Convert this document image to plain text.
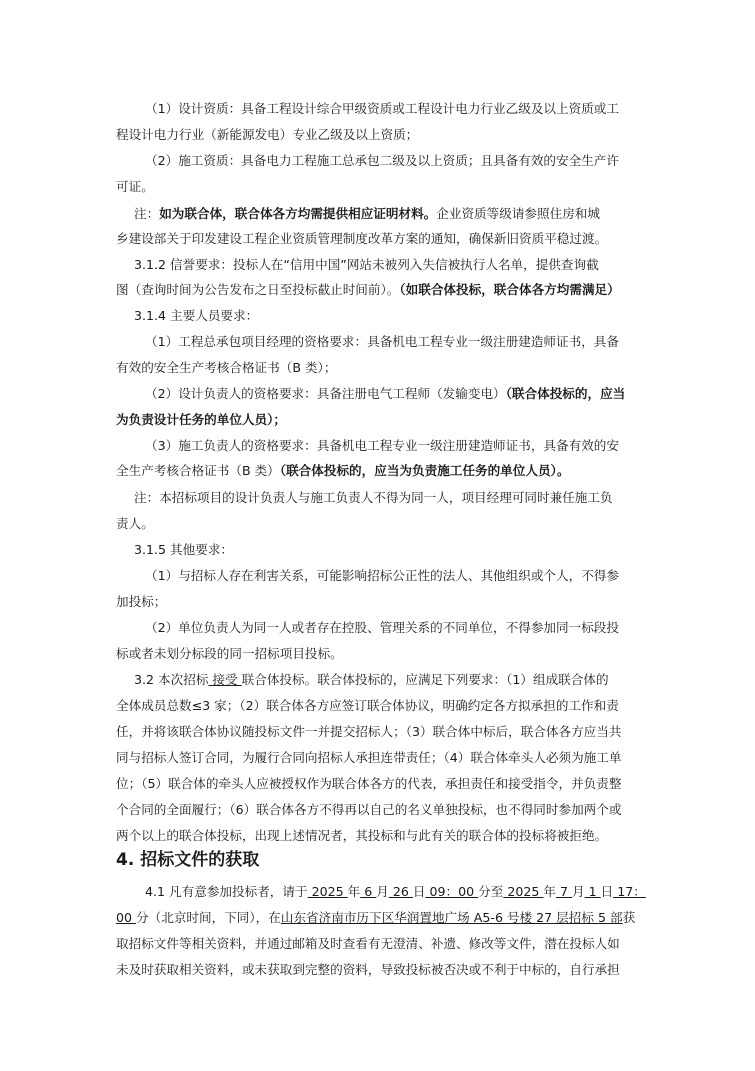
（1）设计资质：具备工程设计综合甲级资质或工程设计电力行业乙级及以上资质或工
程设计电力行业（新能源发电）专业乙级及以上资质；
（2）施工资质：具备电力工程施工总承包二级及以上资质；且具备有效的安全生产许
可证。
注：如为联合体，联合体各方均需提供相应证明材料。企业资质等级请参照住房和城
乡建设部关于印发建设工程企业资质管理制度改革方案的通知，确保新旧资质平稳过渡。
3.1.2 信誉要求：投标人在“信用中国”网站未被列入失信被执行人名单，提供查询截
图（查询时间为公告发布之日至投标截止时间前）。（如联合体投标，联合体各方均需满足）
3.1.4 主要人员要求：
（1）工程总承包项目经理的资格要求：具备机电工程专业一级注册建造师证书，具备
有效的安全生产考核合格证书（B 类）；
（2）设计负责人的资格要求：具备注册电气工程师（发输变电）（联合体投标的，应当
为负责设计任务的单位人员）；
（3）施工负责人的资格要求：具备机电工程专业一级注册建造师证书，具备有效的安
全生产考核合格证书（B 类）（联合体投标的，应当为负责施工任务的单位人员）。
注：本招标项目的设计负责人与施工负责人不得为同一人，项目经理可同时兼任施工负
责人。
3.1.5 其他要求：
（1）与招标人存在利害关系，可能影响招标公正性的法人、其他组织或个人，不得参
加投标；
（2）单位负责人为同一人或者存在控股、管理关系的不同单位，不得参加同一标段投
标或者未划分标段的同一招标项目投标。
3.2 本次招标 接受 联合体投标。联合体投标的，应满足下列要求：（1）组成联合体的
全体成员总数≤3 家；（2）联合体各方应签订联合体协议，明确约定各方拟承担的工作和责
任，并将该联合体协议随投标文件一并提交招标人；（3）联合体中标后，联合体各方应当共
同与招标人签订合同，为履行合同向招标人承担连带责任；（4）联合体牵头人必须为施工单
位；（5）联合体的牵头人应被授权作为联合体各方的代表，承担责任和接受指令，并负责整
个合同的全面履行；（6）联合体各方不得再以自己的名义单独投标，也不得同时参加两个或
两个以上的联合体投标，出现上述情况者，其投标和与此有关的联合体的投标将被拒绝。
4.1 凡有意参加投标者，请于 2025 年 6 月 26 日 09：00 分至 2025 年 7 月 1 日 17：
00 分（北京时间，下同），在山东省济南市历下区华润置地广场 A5-6 号楼 27 层招标 5 部获
取招标文件等相关资料，并通过邮箱及时查看有无澄清、补遗、修改等文件，潜在投标人如
未及时获取相关资料，或未获取到完整的资料，导致投标被否决或不利于中标的，自行承担
4. 招标文件的获取
